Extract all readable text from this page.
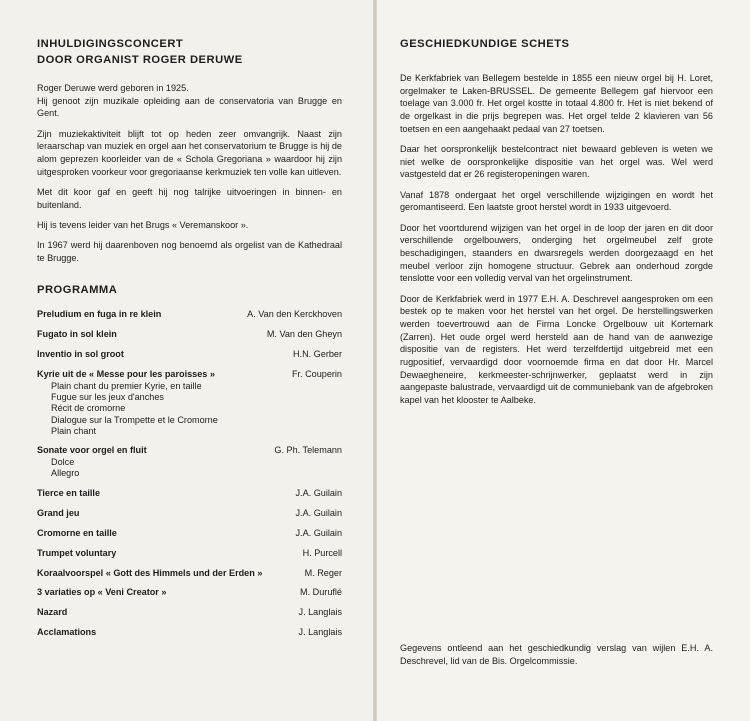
INHULDIGINGSCONCERT
DOOR ORGANIST ROGER DERUWE

Roger Deruwe werd geboren in 1925.
Hij genoot zijn muzikale opleiding aan de conservatoria van Brugge en Gent.

Zijn muziekaktiviteit blijft tot op heden zeer omvangrijk. Naast zijn leraarschap van muziek en orgel aan het conservatorium te Brugge is hij de alom geprezen koorleider van de « Schola Gregoriana » waardoor hij zijn uitgesproken voorkeur voor gregoriaanse kerkmuziek ten volle kan uitleven.

Met dit koor gaf en geeft hij nog talrijke uitvoeringen in binnen- en buitenland.

Hij is tevens leider van het Brugs « Veremanskoor ».

In 1967 werd hij daarenboven nog benoemd als orgelist van de Kathedraal te Brugge.

PROGRAMMA
Preludium en fuga in re klein	A. Van den Kerckhoven
Fugato in sol klein	M. Van den Gheyn
Inventio in sol groot	H.N. Gerber
Kyrie uit de « Messe pour les paroisses »	Fr. Couperin
Plain chant du premier Kyrie, en taille
Fugue sur les jeux d'anches
Récit de cromorne
Dialogue sur la Trompette et le Cromorne
Plain chant
Sonate voor orgel en fluit	G. Ph. Telemann
Dolce
Allegro
Tierce en taille	J.A. Guilain
Grand jeu	J.A. Guilain
Cromorne en taille	J.A. Guilain
Trumpet voluntary	H. Purcell
Koraalvoorspel « Gott des Himmels und der Erden »	M. Reger
3 variaties op « Veni Creator »	M. Duruflé
Nazard	J. Langlais
Acclamations	J. Langlais
GESCHIEDKUNDIGE SCHETS

De Kerkfabriek van Bellegem bestelde in 1855 een nieuw orgel bij H. Loret, orgelmaker te Laken-BRUSSEL. De gemeente Bellegem gaf hiervoor een toelage van 3.000 fr. Het orgel kostte in totaal 4.800 fr. Het is niet bekend of de orgelkast in die prijs begrepen was. Het orgel telde 2 klavieren van 56 toetsen en een aangehaakt pedaal van 27 toetsen.

Daar het oorspronkelijk bestelcontract niet bewaard gebleven is weten we niet welke de oorspronkelijke dispositie van het orgel was. Wel werd vastgesteld dat er 26 registeropeningen waren.

Vanaf 1878 ondergaat het orgel verschillende wijzigingen en wordt het geromantiseerd. Een laatste groot herstel wordt in 1933 uitgevoerd.

Door het voortdurend wijzigen van het orgel in de loop der jaren en dit door verschillende orgelbouwers, onderging het orgelmeubel zelf grote beschadigingen, staanders en dwarsregels werden doorgezaagd en het meubel verloor zijn homogene structuur. Gebrek aan onderhoud zorgde tenslotte voor een volledig verval van het orgelinstrument.

Door de Kerkfabriek werd in 1977 E.H. A. Deschrevel aangesproken om een bestek op te maken voor het herstel van het orgel. De herstellingswerken werden toevertrouwd aan de Firma Loncke Orgelbouw uit Kortemark (Zarren). Het oude orgel werd hersteld aan de hand van de aanwezige dispositie van de registers. Het werd terzelfdertijd uitgebreid met een rugpositief, vervaardigd door voornoemde firma en dat door Hr. Marcel Dewaegheneire, kerkmeester-schrijnwerker, geplaatst werd in zijn aangepaste balustrade, vervaardigd uit de communiebank van de afgebroken kapel van het klooster te Aalbeke.

Gegevens ontleend aan het geschiedkundig verslag van wijlen E.H. A. Deschrevel, lid van de Bis. Orgelcommissie.
